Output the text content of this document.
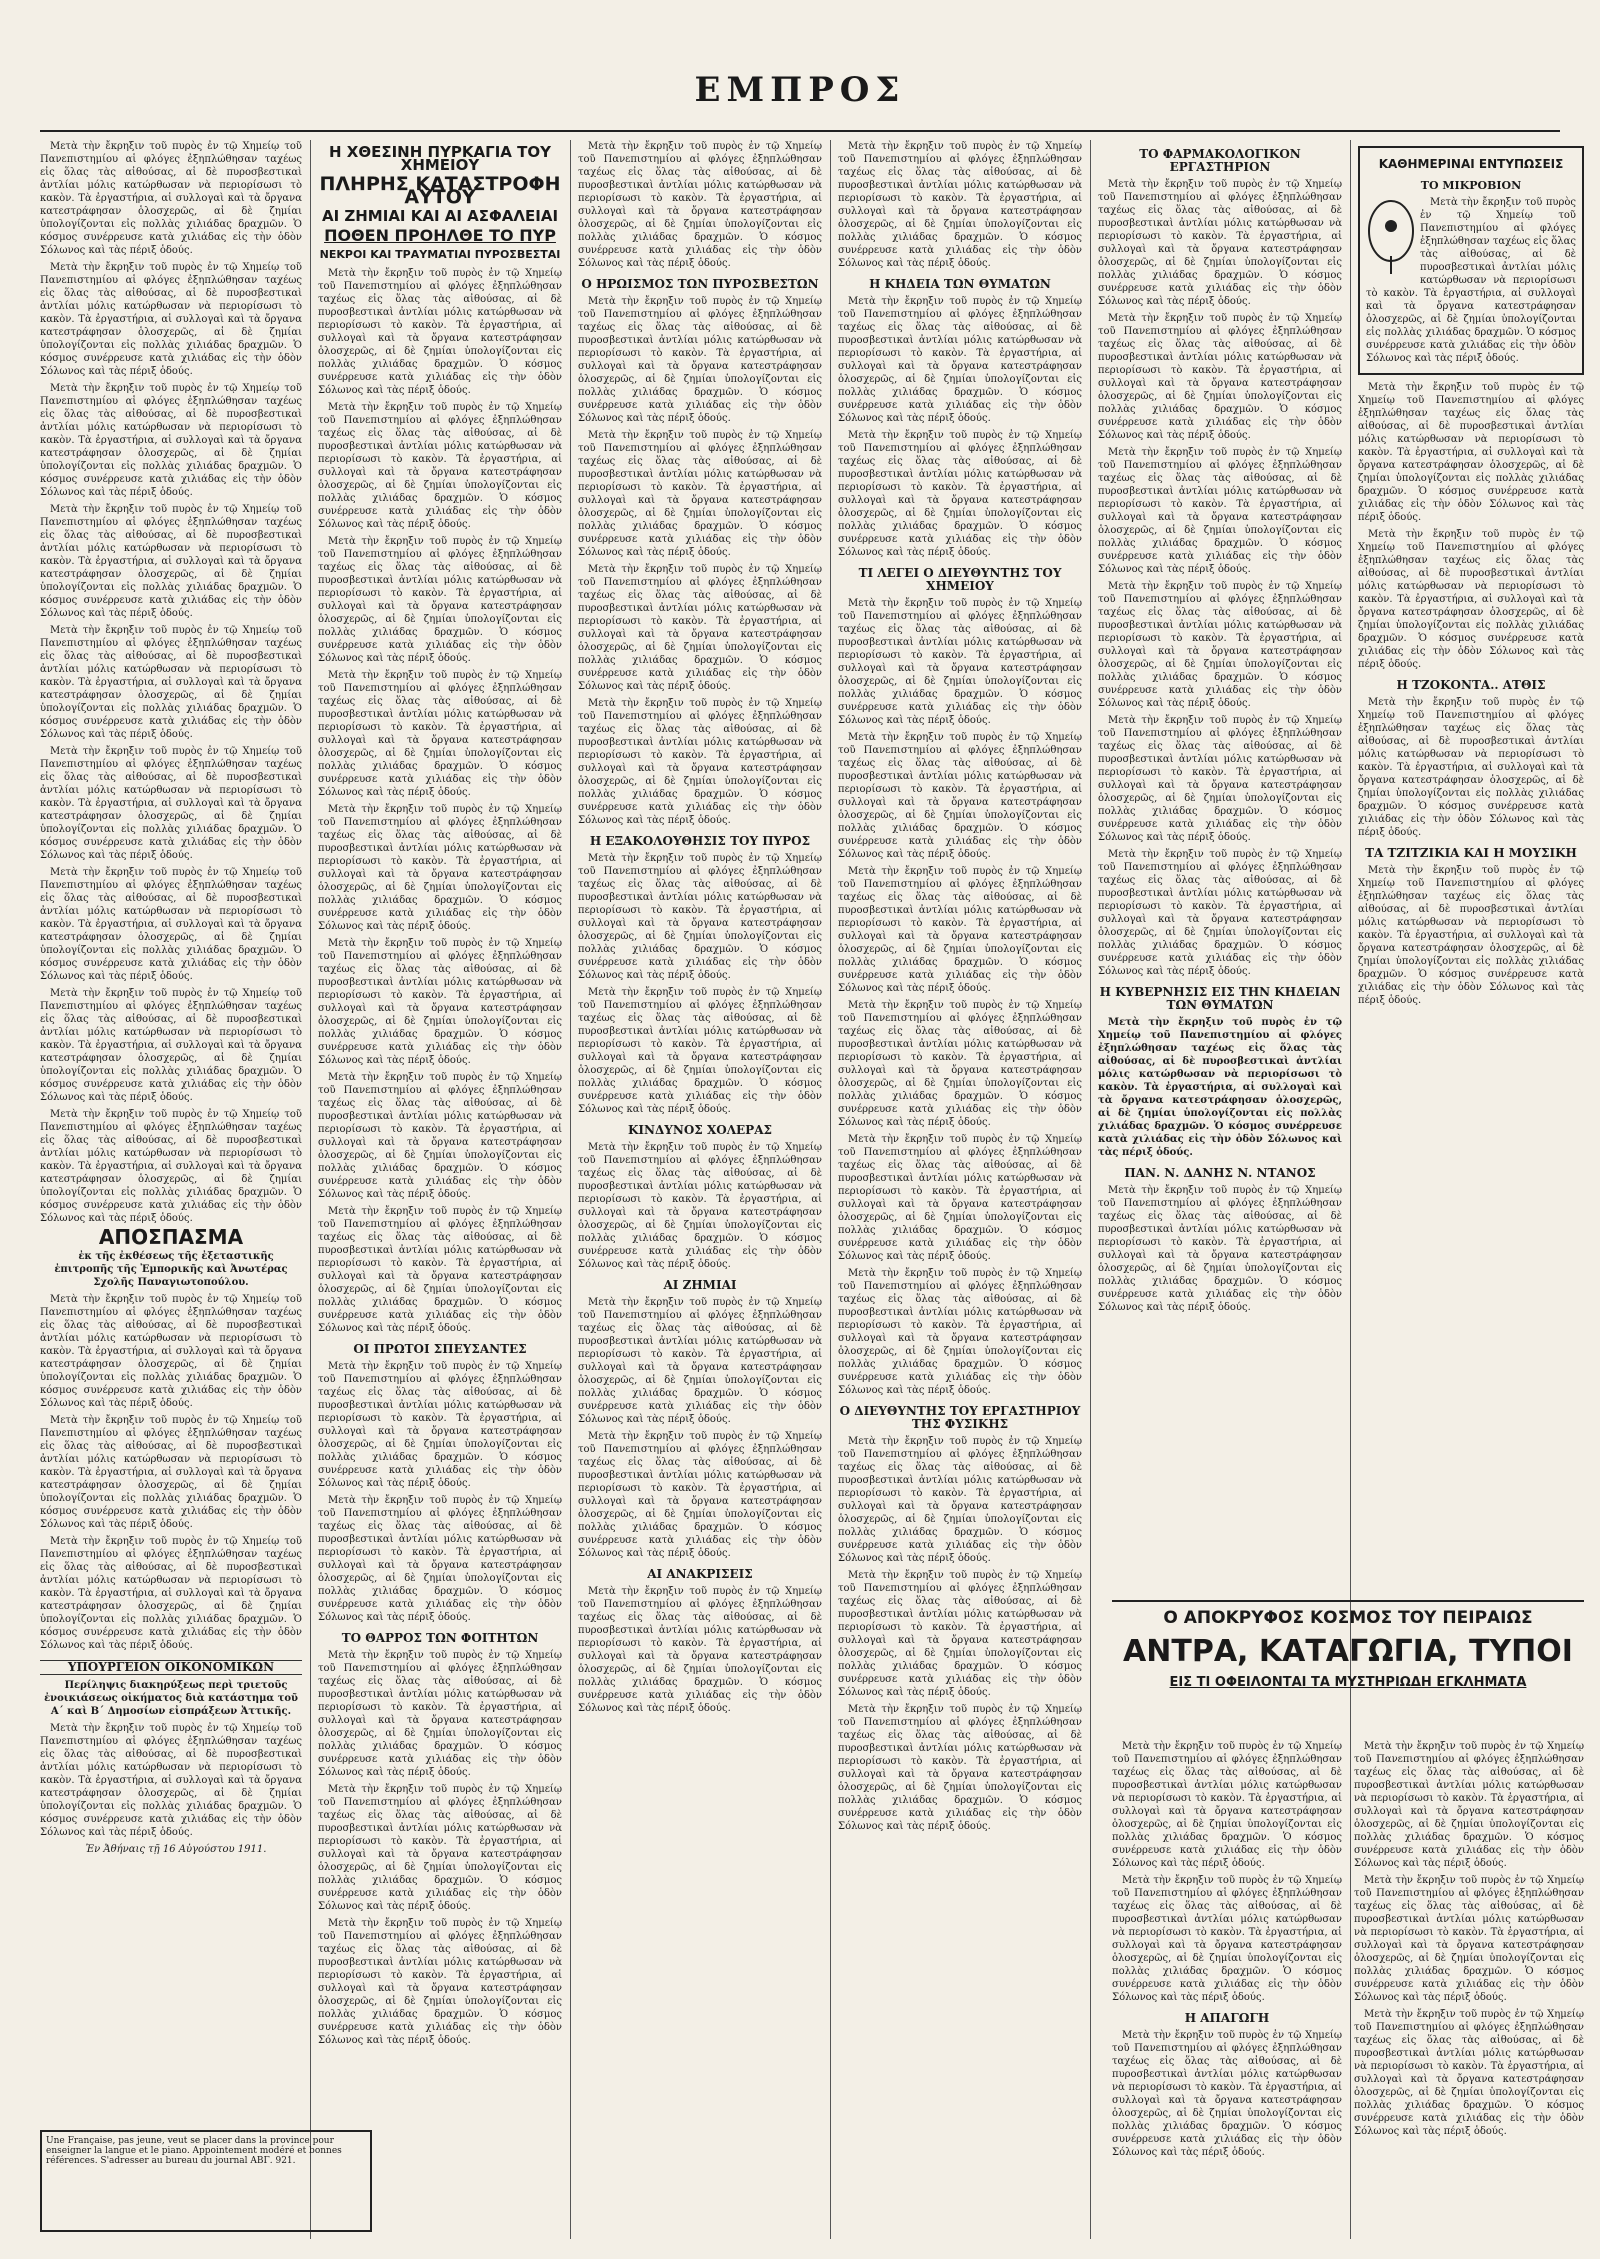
ΕΜΠΡΟΣ

Μετὰ τὴν ἔκρηξιν τοῦ πυρὸς ἐν τῷ Χημείῳ τοῦ Πανεπιστημίου αἱ φλόγες ἐξηπλώθησαν ταχέως εἰς ὅλας τὰς αἰθούσας, αἱ δὲ πυροσβεστικαὶ ἀντλίαι μόλις κατώρθωσαν νὰ περιορίσωσι τὸ κακὸν. Τὰ ἐργαστήρια, αἱ συλλογαὶ καὶ τὰ ὄργανα κατεστράφησαν ὁλοσχερῶς, αἱ δὲ ζημίαι ὑπολογίζονται εἰς πολλὰς χιλιάδας δραχμῶν. Ὁ κόσμος συνέρρευσε κατὰ χιλιάδας εἰς τὴν ὁδὸν Σόλωνος καὶ τὰς πέριξ ὁδούς.

Μετὰ τὴν ἔκρηξιν τοῦ πυρὸς ἐν τῷ Χημείῳ τοῦ Πανεπιστημίου αἱ φλόγες ἐξηπλώθησαν ταχέως εἰς ὅλας τὰς αἰθούσας, αἱ δὲ πυροσβεστικαὶ ἀντλίαι μόλις κατώρθωσαν νὰ περιορίσωσι τὸ κακὸν. Τὰ ἐργαστήρια, αἱ συλλογαὶ καὶ τὰ ὄργανα κατεστράφησαν ὁλοσχερῶς, αἱ δὲ ζημίαι ὑπολογίζονται εἰς πολλὰς χιλιάδας δραχμῶν. Ὁ κόσμος συνέρρευσε κατὰ χιλιάδας εἰς τὴν ὁδὸν Σόλωνος καὶ τὰς πέριξ ὁδούς.

Μετὰ τὴν ἔκρηξιν τοῦ πυρὸς ἐν τῷ Χημείῳ τοῦ Πανεπιστημίου αἱ φλόγες ἐξηπλώθησαν ταχέως εἰς ὅλας τὰς αἰθούσας, αἱ δὲ πυροσβεστικαὶ ἀντλίαι μόλις κατώρθωσαν νὰ περιορίσωσι τὸ κακὸν. Τὰ ἐργαστήρια, αἱ συλλογαὶ καὶ τὰ ὄργανα κατεστράφησαν ὁλοσχερῶς, αἱ δὲ ζημίαι ὑπολογίζονται εἰς πολλὰς χιλιάδας δραχμῶν. Ὁ κόσμος συνέρρευσε κατὰ χιλιάδας εἰς τὴν ὁδὸν Σόλωνος καὶ τὰς πέριξ ὁδούς.

Μετὰ τὴν ἔκρηξιν τοῦ πυρὸς ἐν τῷ Χημείῳ τοῦ Πανεπιστημίου αἱ φλόγες ἐξηπλώθησαν ταχέως εἰς ὅλας τὰς αἰθούσας, αἱ δὲ πυροσβεστικαὶ ἀντλίαι μόλις κατώρθωσαν νὰ περιορίσωσι τὸ κακὸν. Τὰ ἐργαστήρια, αἱ συλλογαὶ καὶ τὰ ὄργανα κατεστράφησαν ὁλοσχερῶς, αἱ δὲ ζημίαι ὑπολογίζονται εἰς πολλὰς χιλιάδας δραχμῶν. Ὁ κόσμος συνέρρευσε κατὰ χιλιάδας εἰς τὴν ὁδὸν Σόλωνος καὶ τὰς πέριξ ὁδούς.

Μετὰ τὴν ἔκρηξιν τοῦ πυρὸς ἐν τῷ Χημείῳ τοῦ Πανεπιστημίου αἱ φλόγες ἐξηπλώθησαν ταχέως εἰς ὅλας τὰς αἰθούσας, αἱ δὲ πυροσβεστικαὶ ἀντλίαι μόλις κατώρθωσαν νὰ περιορίσωσι τὸ κακὸν. Τὰ ἐργαστήρια, αἱ συλλογαὶ καὶ τὰ ὄργανα κατεστράφησαν ὁλοσχερῶς, αἱ δὲ ζημίαι ὑπολογίζονται εἰς πολλὰς χιλιάδας δραχμῶν. Ὁ κόσμος συνέρρευσε κατὰ χιλιάδας εἰς τὴν ὁδὸν Σόλωνος καὶ τὰς πέριξ ὁδούς.

Μετὰ τὴν ἔκρηξιν τοῦ πυρὸς ἐν τῷ Χημείῳ τοῦ Πανεπιστημίου αἱ φλόγες ἐξηπλώθησαν ταχέως εἰς ὅλας τὰς αἰθούσας, αἱ δὲ πυροσβεστικαὶ ἀντλίαι μόλις κατώρθωσαν νὰ περιορίσωσι τὸ κακὸν. Τὰ ἐργαστήρια, αἱ συλλογαὶ καὶ τὰ ὄργανα κατεστράφησαν ὁλοσχερῶς, αἱ δὲ ζημίαι ὑπολογίζονται εἰς πολλὰς χιλιάδας δραχμῶν. Ὁ κόσμος συνέρρευσε κατὰ χιλιάδας εἰς τὴν ὁδὸν Σόλωνος καὶ τὰς πέριξ ὁδούς.

Μετὰ τὴν ἔκρηξιν τοῦ πυρὸς ἐν τῷ Χημείῳ τοῦ Πανεπιστημίου αἱ φλόγες ἐξηπλώθησαν ταχέως εἰς ὅλας τὰς αἰθούσας, αἱ δὲ πυροσβεστικαὶ ἀντλίαι μόλις κατώρθωσαν νὰ περιορίσωσι τὸ κακὸν. Τὰ ἐργαστήρια, αἱ συλλογαὶ καὶ τὰ ὄργανα κατεστράφησαν ὁλοσχερῶς, αἱ δὲ ζημίαι ὑπολογίζονται εἰς πολλὰς χιλιάδας δραχμῶν. Ὁ κόσμος συνέρρευσε κατὰ χιλιάδας εἰς τὴν ὁδὸν Σόλωνος καὶ τὰς πέριξ ὁδούς.

Μετὰ τὴν ἔκρηξιν τοῦ πυρὸς ἐν τῷ Χημείῳ τοῦ Πανεπιστημίου αἱ φλόγες ἐξηπλώθησαν ταχέως εἰς ὅλας τὰς αἰθούσας, αἱ δὲ πυροσβεστικαὶ ἀντλίαι μόλις κατώρθωσαν νὰ περιορίσωσι τὸ κακὸν. Τὰ ἐργαστήρια, αἱ συλλογαὶ καὶ τὰ ὄργανα κατεστράφησαν ὁλοσχερῶς, αἱ δὲ ζημίαι ὑπολογίζονται εἰς πολλὰς χιλιάδας δραχμῶν. Ὁ κόσμος συνέρρευσε κατὰ χιλιάδας εἰς τὴν ὁδὸν Σόλωνος καὶ τὰς πέριξ ὁδούς.

Μετὰ τὴν ἔκρηξιν τοῦ πυρὸς ἐν τῷ Χημείῳ τοῦ Πανεπιστημίου αἱ φλόγες ἐξηπλώθησαν ταχέως εἰς ὅλας τὰς αἰθούσας, αἱ δὲ πυροσβεστικαὶ ἀντλίαι μόλις κατώρθωσαν νὰ περιορίσωσι τὸ κακὸν. Τὰ ἐργαστήρια, αἱ συλλογαὶ καὶ τὰ ὄργανα κατεστράφησαν ὁλοσχερῶς, αἱ δὲ ζημίαι ὑπολογίζονται εἰς πολλὰς χιλιάδας δραχμῶν. Ὁ κόσμος συνέρρευσε κατὰ χιλιάδας εἰς τὴν ὁδὸν Σόλωνος καὶ τὰς πέριξ ὁδούς.

ΑΠΟΣΠΑΣΜΑ

ἐκ τῆς ἐκθέσεως τῆς ἐξεταστικῆς ἐπιτροπῆς τῆς Ἐμπορικῆς καὶ Ἀνωτέρας Σχολῆς Παναγιωτοπούλου.

Μετὰ τὴν ἔκρηξιν τοῦ πυρὸς ἐν τῷ Χημείῳ τοῦ Πανεπιστημίου αἱ φλόγες ἐξηπλώθησαν ταχέως εἰς ὅλας τὰς αἰθούσας, αἱ δὲ πυροσβεστικαὶ ἀντλίαι μόλις κατώρθωσαν νὰ περιορίσωσι τὸ κακὸν. Τὰ ἐργαστήρια, αἱ συλλογαὶ καὶ τὰ ὄργανα κατεστράφησαν ὁλοσχερῶς, αἱ δὲ ζημίαι ὑπολογίζονται εἰς πολλὰς χιλιάδας δραχμῶν. Ὁ κόσμος συνέρρευσε κατὰ χιλιάδας εἰς τὴν ὁδὸν Σόλωνος καὶ τὰς πέριξ ὁδούς.

Μετὰ τὴν ἔκρηξιν τοῦ πυρὸς ἐν τῷ Χημείῳ τοῦ Πανεπιστημίου αἱ φλόγες ἐξηπλώθησαν ταχέως εἰς ὅλας τὰς αἰθούσας, αἱ δὲ πυροσβεστικαὶ ἀντλίαι μόλις κατώρθωσαν νὰ περιορίσωσι τὸ κακὸν. Τὰ ἐργαστήρια, αἱ συλλογαὶ καὶ τὰ ὄργανα κατεστράφησαν ὁλοσχερῶς, αἱ δὲ ζημίαι ὑπολογίζονται εἰς πολλὰς χιλιάδας δραχμῶν. Ὁ κόσμος συνέρρευσε κατὰ χιλιάδας εἰς τὴν ὁδὸν Σόλωνος καὶ τὰς πέριξ ὁδούς.

Μετὰ τὴν ἔκρηξιν τοῦ πυρὸς ἐν τῷ Χημείῳ τοῦ Πανεπιστημίου αἱ φλόγες ἐξηπλώθησαν ταχέως εἰς ὅλας τὰς αἰθούσας, αἱ δὲ πυροσβεστικαὶ ἀντλίαι μόλις κατώρθωσαν νὰ περιορίσωσι τὸ κακὸν. Τὰ ἐργαστήρια, αἱ συλλογαὶ καὶ τὰ ὄργανα κατεστράφησαν ὁλοσχερῶς, αἱ δὲ ζημίαι ὑπολογίζονται εἰς πολλὰς χιλιάδας δραχμῶν. Ὁ κόσμος συνέρρευσε κατὰ χιλιάδας εἰς τὴν ὁδὸν Σόλωνος καὶ τὰς πέριξ ὁδούς.

ΥΠΟΥΡΓΕΙΟΝ ΟΙΚΟΝΟΜΙΚΩΝ

Περίληψις διακηρύξεως περὶ τριετοῦς ἐνοικιάσεως οἰκήματος διὰ κατάστημα τοῦ Α΄ καὶ Β΄ Δημοσίων εἰσπράξεων Ἀττικῆς.

Μετὰ τὴν ἔκρηξιν τοῦ πυρὸς ἐν τῷ Χημείῳ τοῦ Πανεπιστημίου αἱ φλόγες ἐξηπλώθησαν ταχέως εἰς ὅλας τὰς αἰθούσας, αἱ δὲ πυροσβεστικαὶ ἀντλίαι μόλις κατώρθωσαν νὰ περιορίσωσι τὸ κακὸν. Τὰ ἐργαστήρια, αἱ συλλογαὶ καὶ τὰ ὄργανα κατεστράφησαν ὁλοσχερῶς, αἱ δὲ ζημίαι ὑπολογίζονται εἰς πολλὰς χιλιάδας δραχμῶν. Ὁ κόσμος συνέρρευσε κατὰ χιλιάδας εἰς τὴν ὁδὸν Σόλωνος καὶ τὰς πέριξ ὁδούς.

Ἐν Ἀθήναις τῇ 16 Αὐγούστου 1911.

Η ΧΘΕΣΙΝΗ ΠΥΡΚΑΓΙΑ ΤΟΥ ΧΗΜΕΙΟΥ
ΠΛΗΡΗΣ ΚΑΤΑΣΤΡΟΦΗ ΑΥΤΟΥ
ΑΙ ΖΗΜΙΑΙ ΚΑΙ ΑΙ ΑΣΦΑΛΕΙΑΙ
ΠΟΘΕΝ ΠΡΟΗΛΘΕ ΤΟ ΠΥΡ
ΝΕΚΡΟΙ ΚΑΙ ΤΡΑΥΜΑΤΙΑΙ ΠΥΡΟΣΒΕΣΤΑΙ

Μετὰ τὴν ἔκρηξιν τοῦ πυρὸς ἐν τῷ Χημείῳ τοῦ Πανεπιστημίου αἱ φλόγες ἐξηπλώθησαν ταχέως εἰς ὅλας τὰς αἰθούσας, αἱ δὲ πυροσβεστικαὶ ἀντλίαι μόλις κατώρθωσαν νὰ περιορίσωσι τὸ κακὸν. Τὰ ἐργαστήρια, αἱ συλλογαὶ καὶ τὰ ὄργανα κατεστράφησαν ὁλοσχερῶς, αἱ δὲ ζημίαι ὑπολογίζονται εἰς πολλὰς χιλιάδας δραχμῶν. Ὁ κόσμος συνέρρευσε κατὰ χιλιάδας εἰς τὴν ὁδὸν Σόλωνος καὶ τὰς πέριξ ὁδούς.

Μετὰ τὴν ἔκρηξιν τοῦ πυρὸς ἐν τῷ Χημείῳ τοῦ Πανεπιστημίου αἱ φλόγες ἐξηπλώθησαν ταχέως εἰς ὅλας τὰς αἰθούσας, αἱ δὲ πυροσβεστικαὶ ἀντλίαι μόλις κατώρθωσαν νὰ περιορίσωσι τὸ κακὸν. Τὰ ἐργαστήρια, αἱ συλλογαὶ καὶ τὰ ὄργανα κατεστράφησαν ὁλοσχερῶς, αἱ δὲ ζημίαι ὑπολογίζονται εἰς πολλὰς χιλιάδας δραχμῶν. Ὁ κόσμος συνέρρευσε κατὰ χιλιάδας εἰς τὴν ὁδὸν Σόλωνος καὶ τὰς πέριξ ὁδούς.

Μετὰ τὴν ἔκρηξιν τοῦ πυρὸς ἐν τῷ Χημείῳ τοῦ Πανεπιστημίου αἱ φλόγες ἐξηπλώθησαν ταχέως εἰς ὅλας τὰς αἰθούσας, αἱ δὲ πυροσβεστικαὶ ἀντλίαι μόλις κατώρθωσαν νὰ περιορίσωσι τὸ κακὸν. Τὰ ἐργαστήρια, αἱ συλλογαὶ καὶ τὰ ὄργανα κατεστράφησαν ὁλοσχερῶς, αἱ δὲ ζημίαι ὑπολογίζονται εἰς πολλὰς χιλιάδας δραχμῶν. Ὁ κόσμος συνέρρευσε κατὰ χιλιάδας εἰς τὴν ὁδὸν Σόλωνος καὶ τὰς πέριξ ὁδούς.

Μετὰ τὴν ἔκρηξιν τοῦ πυρὸς ἐν τῷ Χημείῳ τοῦ Πανεπιστημίου αἱ φλόγες ἐξηπλώθησαν ταχέως εἰς ὅλας τὰς αἰθούσας, αἱ δὲ πυροσβεστικαὶ ἀντλίαι μόλις κατώρθωσαν νὰ περιορίσωσι τὸ κακὸν. Τὰ ἐργαστήρια, αἱ συλλογαὶ καὶ τὰ ὄργανα κατεστράφησαν ὁλοσχερῶς, αἱ δὲ ζημίαι ὑπολογίζονται εἰς πολλὰς χιλιάδας δραχμῶν. Ὁ κόσμος συνέρρευσε κατὰ χιλιάδας εἰς τὴν ὁδὸν Σόλωνος καὶ τὰς πέριξ ὁδούς.

Μετὰ τὴν ἔκρηξιν τοῦ πυρὸς ἐν τῷ Χημείῳ τοῦ Πανεπιστημίου αἱ φλόγες ἐξηπλώθησαν ταχέως εἰς ὅλας τὰς αἰθούσας, αἱ δὲ πυροσβεστικαὶ ἀντλίαι μόλις κατώρθωσαν νὰ περιορίσωσι τὸ κακὸν. Τὰ ἐργαστήρια, αἱ συλλογαὶ καὶ τὰ ὄργανα κατεστράφησαν ὁλοσχερῶς, αἱ δὲ ζημίαι ὑπολογίζονται εἰς πολλὰς χιλιάδας δραχμῶν. Ὁ κόσμος συνέρρευσε κατὰ χιλιάδας εἰς τὴν ὁδὸν Σόλωνος καὶ τὰς πέριξ ὁδούς.

Μετὰ τὴν ἔκρηξιν τοῦ πυρὸς ἐν τῷ Χημείῳ τοῦ Πανεπιστημίου αἱ φλόγες ἐξηπλώθησαν ταχέως εἰς ὅλας τὰς αἰθούσας, αἱ δὲ πυροσβεστικαὶ ἀντλίαι μόλις κατώρθωσαν νὰ περιορίσωσι τὸ κακὸν. Τὰ ἐργαστήρια, αἱ συλλογαὶ καὶ τὰ ὄργανα κατεστράφησαν ὁλοσχερῶς, αἱ δὲ ζημίαι ὑπολογίζονται εἰς πολλὰς χιλιάδας δραχμῶν. Ὁ κόσμος συνέρρευσε κατὰ χιλιάδας εἰς τὴν ὁδὸν Σόλωνος καὶ τὰς πέριξ ὁδούς.

Μετὰ τὴν ἔκρηξιν τοῦ πυρὸς ἐν τῷ Χημείῳ τοῦ Πανεπιστημίου αἱ φλόγες ἐξηπλώθησαν ταχέως εἰς ὅλας τὰς αἰθούσας, αἱ δὲ πυροσβεστικαὶ ἀντλίαι μόλις κατώρθωσαν νὰ περιορίσωσι τὸ κακὸν. Τὰ ἐργαστήρια, αἱ συλλογαὶ καὶ τὰ ὄργανα κατεστράφησαν ὁλοσχερῶς, αἱ δὲ ζημίαι ὑπολογίζονται εἰς πολλὰς χιλιάδας δραχμῶν. Ὁ κόσμος συνέρρευσε κατὰ χιλιάδας εἰς τὴν ὁδὸν Σόλωνος καὶ τὰς πέριξ ὁδούς.

Μετὰ τὴν ἔκρηξιν τοῦ πυρὸς ἐν τῷ Χημείῳ τοῦ Πανεπιστημίου αἱ φλόγες ἐξηπλώθησαν ταχέως εἰς ὅλας τὰς αἰθούσας, αἱ δὲ πυροσβεστικαὶ ἀντλίαι μόλις κατώρθωσαν νὰ περιορίσωσι τὸ κακὸν. Τὰ ἐργαστήρια, αἱ συλλογαὶ καὶ τὰ ὄργανα κατεστράφησαν ὁλοσχερῶς, αἱ δὲ ζημίαι ὑπολογίζονται εἰς πολλὰς χιλιάδας δραχμῶν. Ὁ κόσμος συνέρρευσε κατὰ χιλιάδας εἰς τὴν ὁδὸν Σόλωνος καὶ τὰς πέριξ ὁδούς.

ΟΙ ΠΡΩΤΟΙ ΣΠΕΥΣΑΝΤΕΣ

Μετὰ τὴν ἔκρηξιν τοῦ πυρὸς ἐν τῷ Χημείῳ τοῦ Πανεπιστημίου αἱ φλόγες ἐξηπλώθησαν ταχέως εἰς ὅλας τὰς αἰθούσας, αἱ δὲ πυροσβεστικαὶ ἀντλίαι μόλις κατώρθωσαν νὰ περιορίσωσι τὸ κακὸν. Τὰ ἐργαστήρια, αἱ συλλογαὶ καὶ τὰ ὄργανα κατεστράφησαν ὁλοσχερῶς, αἱ δὲ ζημίαι ὑπολογίζονται εἰς πολλὰς χιλιάδας δραχμῶν. Ὁ κόσμος συνέρρευσε κατὰ χιλιάδας εἰς τὴν ὁδὸν Σόλωνος καὶ τὰς πέριξ ὁδούς.

Μετὰ τὴν ἔκρηξιν τοῦ πυρὸς ἐν τῷ Χημείῳ τοῦ Πανεπιστημίου αἱ φλόγες ἐξηπλώθησαν ταχέως εἰς ὅλας τὰς αἰθούσας, αἱ δὲ πυροσβεστικαὶ ἀντλίαι μόλις κατώρθωσαν νὰ περιορίσωσι τὸ κακὸν. Τὰ ἐργαστήρια, αἱ συλλογαὶ καὶ τὰ ὄργανα κατεστράφησαν ὁλοσχερῶς, αἱ δὲ ζημίαι ὑπολογίζονται εἰς πολλὰς χιλιάδας δραχμῶν. Ὁ κόσμος συνέρρευσε κατὰ χιλιάδας εἰς τὴν ὁδὸν Σόλωνος καὶ τὰς πέριξ ὁδούς.

ΤΟ ΘΑΡΡΟΣ ΤΩΝ ΦΟΙΤΗΤΩΝ

Μετὰ τὴν ἔκρηξιν τοῦ πυρὸς ἐν τῷ Χημείῳ τοῦ Πανεπιστημίου αἱ φλόγες ἐξηπλώθησαν ταχέως εἰς ὅλας τὰς αἰθούσας, αἱ δὲ πυροσβεστικαὶ ἀντλίαι μόλις κατώρθωσαν νὰ περιορίσωσι τὸ κακὸν. Τὰ ἐργαστήρια, αἱ συλλογαὶ καὶ τὰ ὄργανα κατεστράφησαν ὁλοσχερῶς, αἱ δὲ ζημίαι ὑπολογίζονται εἰς πολλὰς χιλιάδας δραχμῶν. Ὁ κόσμος συνέρρευσε κατὰ χιλιάδας εἰς τὴν ὁδὸν Σόλωνος καὶ τὰς πέριξ ὁδούς.

Μετὰ τὴν ἔκρηξιν τοῦ πυρὸς ἐν τῷ Χημείῳ τοῦ Πανεπιστημίου αἱ φλόγες ἐξηπλώθησαν ταχέως εἰς ὅλας τὰς αἰθούσας, αἱ δὲ πυροσβεστικαὶ ἀντλίαι μόλις κατώρθωσαν νὰ περιορίσωσι τὸ κακὸν. Τὰ ἐργαστήρια, αἱ συλλογαὶ καὶ τὰ ὄργανα κατεστράφησαν ὁλοσχερῶς, αἱ δὲ ζημίαι ὑπολογίζονται εἰς πολλὰς χιλιάδας δραχμῶν. Ὁ κόσμος συνέρρευσε κατὰ χιλιάδας εἰς τὴν ὁδὸν Σόλωνος καὶ τὰς πέριξ ὁδούς.

Μετὰ τὴν ἔκρηξιν τοῦ πυρὸς ἐν τῷ Χημείῳ τοῦ Πανεπιστημίου αἱ φλόγες ἐξηπλώθησαν ταχέως εἰς ὅλας τὰς αἰθούσας, αἱ δὲ πυροσβεστικαὶ ἀντλίαι μόλις κατώρθωσαν νὰ περιορίσωσι τὸ κακὸν. Τὰ ἐργαστήρια, αἱ συλλογαὶ καὶ τὰ ὄργανα κατεστράφησαν ὁλοσχερῶς, αἱ δὲ ζημίαι ὑπολογίζονται εἰς πολλὰς χιλιάδας δραχμῶν. Ὁ κόσμος συνέρρευσε κατὰ χιλιάδας εἰς τὴν ὁδὸν Σόλωνος καὶ τὰς πέριξ ὁδούς.

Μετὰ τὴν ἔκρηξιν τοῦ πυρὸς ἐν τῷ Χημείῳ τοῦ Πανεπιστημίου αἱ φλόγες ἐξηπλώθησαν ταχέως εἰς ὅλας τὰς αἰθούσας, αἱ δὲ πυροσβεστικαὶ ἀντλίαι μόλις κατώρθωσαν νὰ περιορίσωσι τὸ κακὸν. Τὰ ἐργαστήρια, αἱ συλλογαὶ καὶ τὰ ὄργανα κατεστράφησαν ὁλοσχερῶς, αἱ δὲ ζημίαι ὑπολογίζονται εἰς πολλὰς χιλιάδας δραχμῶν. Ὁ κόσμος συνέρρευσε κατὰ χιλιάδας εἰς τὴν ὁδὸν Σόλωνος καὶ τὰς πέριξ ὁδούς.

Ο ΗΡΩΙΣΜΟΣ ΤΩΝ ΠΥΡΟΣΒΕΣΤΩΝ

Μετὰ τὴν ἔκρηξιν τοῦ πυρὸς ἐν τῷ Χημείῳ τοῦ Πανεπιστημίου αἱ φλόγες ἐξηπλώθησαν ταχέως εἰς ὅλας τὰς αἰθούσας, αἱ δὲ πυροσβεστικαὶ ἀντλίαι μόλις κατώρθωσαν νὰ περιορίσωσι τὸ κακὸν. Τὰ ἐργαστήρια, αἱ συλλογαὶ καὶ τὰ ὄργανα κατεστράφησαν ὁλοσχερῶς, αἱ δὲ ζημίαι ὑπολογίζονται εἰς πολλὰς χιλιάδας δραχμῶν. Ὁ κόσμος συνέρρευσε κατὰ χιλιάδας εἰς τὴν ὁδὸν Σόλωνος καὶ τὰς πέριξ ὁδούς.

Μετὰ τὴν ἔκρηξιν τοῦ πυρὸς ἐν τῷ Χημείῳ τοῦ Πανεπιστημίου αἱ φλόγες ἐξηπλώθησαν ταχέως εἰς ὅλας τὰς αἰθούσας, αἱ δὲ πυροσβεστικαὶ ἀντλίαι μόλις κατώρθωσαν νὰ περιορίσωσι τὸ κακὸν. Τὰ ἐργαστήρια, αἱ συλλογαὶ καὶ τὰ ὄργανα κατεστράφησαν ὁλοσχερῶς, αἱ δὲ ζημίαι ὑπολογίζονται εἰς πολλὰς χιλιάδας δραχμῶν. Ὁ κόσμος συνέρρευσε κατὰ χιλιάδας εἰς τὴν ὁδὸν Σόλωνος καὶ τὰς πέριξ ὁδούς.

Μετὰ τὴν ἔκρηξιν τοῦ πυρὸς ἐν τῷ Χημείῳ τοῦ Πανεπιστημίου αἱ φλόγες ἐξηπλώθησαν ταχέως εἰς ὅλας τὰς αἰθούσας, αἱ δὲ πυροσβεστικαὶ ἀντλίαι μόλις κατώρθωσαν νὰ περιορίσωσι τὸ κακὸν. Τὰ ἐργαστήρια, αἱ συλλογαὶ καὶ τὰ ὄργανα κατεστράφησαν ὁλοσχερῶς, αἱ δὲ ζημίαι ὑπολογίζονται εἰς πολλὰς χιλιάδας δραχμῶν. Ὁ κόσμος συνέρρευσε κατὰ χιλιάδας εἰς τὴν ὁδὸν Σόλωνος καὶ τὰς πέριξ ὁδούς.

Μετὰ τὴν ἔκρηξιν τοῦ πυρὸς ἐν τῷ Χημείῳ τοῦ Πανεπιστημίου αἱ φλόγες ἐξηπλώθησαν ταχέως εἰς ὅλας τὰς αἰθούσας, αἱ δὲ πυροσβεστικαὶ ἀντλίαι μόλις κατώρθωσαν νὰ περιορίσωσι τὸ κακὸν. Τὰ ἐργαστήρια, αἱ συλλογαὶ καὶ τὰ ὄργανα κατεστράφησαν ὁλοσχερῶς, αἱ δὲ ζημίαι ὑπολογίζονται εἰς πολλὰς χιλιάδας δραχμῶν. Ὁ κόσμος συνέρρευσε κατὰ χιλιάδας εἰς τὴν ὁδὸν Σόλωνος καὶ τὰς πέριξ ὁδούς.

Η ΕΞΑΚΟΛΟΥΘΗΣΙΣ ΤΟΥ ΠΥΡΟΣ

Μετὰ τὴν ἔκρηξιν τοῦ πυρὸς ἐν τῷ Χημείῳ τοῦ Πανεπιστημίου αἱ φλόγες ἐξηπλώθησαν ταχέως εἰς ὅλας τὰς αἰθούσας, αἱ δὲ πυροσβεστικαὶ ἀντλίαι μόλις κατώρθωσαν νὰ περιορίσωσι τὸ κακὸν. Τὰ ἐργαστήρια, αἱ συλλογαὶ καὶ τὰ ὄργανα κατεστράφησαν ὁλοσχερῶς, αἱ δὲ ζημίαι ὑπολογίζονται εἰς πολλὰς χιλιάδας δραχμῶν. Ὁ κόσμος συνέρρευσε κατὰ χιλιάδας εἰς τὴν ὁδὸν Σόλωνος καὶ τὰς πέριξ ὁδούς.

Μετὰ τὴν ἔκρηξιν τοῦ πυρὸς ἐν τῷ Χημείῳ τοῦ Πανεπιστημίου αἱ φλόγες ἐξηπλώθησαν ταχέως εἰς ὅλας τὰς αἰθούσας, αἱ δὲ πυροσβεστικαὶ ἀντλίαι μόλις κατώρθωσαν νὰ περιορίσωσι τὸ κακὸν. Τὰ ἐργαστήρια, αἱ συλλογαὶ καὶ τὰ ὄργανα κατεστράφησαν ὁλοσχερῶς, αἱ δὲ ζημίαι ὑπολογίζονται εἰς πολλὰς χιλιάδας δραχμῶν. Ὁ κόσμος συνέρρευσε κατὰ χιλιάδας εἰς τὴν ὁδὸν Σόλωνος καὶ τὰς πέριξ ὁδούς.

ΚΙΝΔΥΝΟΣ ΧΟΛΕΡΑΣ

Μετὰ τὴν ἔκρηξιν τοῦ πυρὸς ἐν τῷ Χημείῳ τοῦ Πανεπιστημίου αἱ φλόγες ἐξηπλώθησαν ταχέως εἰς ὅλας τὰς αἰθούσας, αἱ δὲ πυροσβεστικαὶ ἀντλίαι μόλις κατώρθωσαν νὰ περιορίσωσι τὸ κακὸν. Τὰ ἐργαστήρια, αἱ συλλογαὶ καὶ τὰ ὄργανα κατεστράφησαν ὁλοσχερῶς, αἱ δὲ ζημίαι ὑπολογίζονται εἰς πολλὰς χιλιάδας δραχμῶν. Ὁ κόσμος συνέρρευσε κατὰ χιλιάδας εἰς τὴν ὁδὸν Σόλωνος καὶ τὰς πέριξ ὁδούς.

ΑΙ ΖΗΜΙΑΙ

Μετὰ τὴν ἔκρηξιν τοῦ πυρὸς ἐν τῷ Χημείῳ τοῦ Πανεπιστημίου αἱ φλόγες ἐξηπλώθησαν ταχέως εἰς ὅλας τὰς αἰθούσας, αἱ δὲ πυροσβεστικαὶ ἀντλίαι μόλις κατώρθωσαν νὰ περιορίσωσι τὸ κακὸν. Τὰ ἐργαστήρια, αἱ συλλογαὶ καὶ τὰ ὄργανα κατεστράφησαν ὁλοσχερῶς, αἱ δὲ ζημίαι ὑπολογίζονται εἰς πολλὰς χιλιάδας δραχμῶν. Ὁ κόσμος συνέρρευσε κατὰ χιλιάδας εἰς τὴν ὁδὸν Σόλωνος καὶ τὰς πέριξ ὁδούς.

Μετὰ τὴν ἔκρηξιν τοῦ πυρὸς ἐν τῷ Χημείῳ τοῦ Πανεπιστημίου αἱ φλόγες ἐξηπλώθησαν ταχέως εἰς ὅλας τὰς αἰθούσας, αἱ δὲ πυροσβεστικαὶ ἀντλίαι μόλις κατώρθωσαν νὰ περιορίσωσι τὸ κακὸν. Τὰ ἐργαστήρια, αἱ συλλογαὶ καὶ τὰ ὄργανα κατεστράφησαν ὁλοσχερῶς, αἱ δὲ ζημίαι ὑπολογίζονται εἰς πολλὰς χιλιάδας δραχμῶν. Ὁ κόσμος συνέρρευσε κατὰ χιλιάδας εἰς τὴν ὁδὸν Σόλωνος καὶ τὰς πέριξ ὁδούς.

ΑΙ ΑΝΑΚΡΙΣΕΙΣ

Μετὰ τὴν ἔκρηξιν τοῦ πυρὸς ἐν τῷ Χημείῳ τοῦ Πανεπιστημίου αἱ φλόγες ἐξηπλώθησαν ταχέως εἰς ὅλας τὰς αἰθούσας, αἱ δὲ πυροσβεστικαὶ ἀντλίαι μόλις κατώρθωσαν νὰ περιορίσωσι τὸ κακὸν. Τὰ ἐργαστήρια, αἱ συλλογαὶ καὶ τὰ ὄργανα κατεστράφησαν ὁλοσχερῶς, αἱ δὲ ζημίαι ὑπολογίζονται εἰς πολλὰς χιλιάδας δραχμῶν. Ὁ κόσμος συνέρρευσε κατὰ χιλιάδας εἰς τὴν ὁδὸν Σόλωνος καὶ τὰς πέριξ ὁδούς.

Μετὰ τὴν ἔκρηξιν τοῦ πυρὸς ἐν τῷ Χημείῳ τοῦ Πανεπιστημίου αἱ φλόγες ἐξηπλώθησαν ταχέως εἰς ὅλας τὰς αἰθούσας, αἱ δὲ πυροσβεστικαὶ ἀντλίαι μόλις κατώρθωσαν νὰ περιορίσωσι τὸ κακὸν. Τὰ ἐργαστήρια, αἱ συλλογαὶ καὶ τὰ ὄργανα κατεστράφησαν ὁλοσχερῶς, αἱ δὲ ζημίαι ὑπολογίζονται εἰς πολλὰς χιλιάδας δραχμῶν. Ὁ κόσμος συνέρρευσε κατὰ χιλιάδας εἰς τὴν ὁδὸν Σόλωνος καὶ τὰς πέριξ ὁδούς.

Η ΚΗΔΕΙΑ ΤΩΝ ΘΥΜΑΤΩΝ

Μετὰ τὴν ἔκρηξιν τοῦ πυρὸς ἐν τῷ Χημείῳ τοῦ Πανεπιστημίου αἱ φλόγες ἐξηπλώθησαν ταχέως εἰς ὅλας τὰς αἰθούσας, αἱ δὲ πυροσβεστικαὶ ἀντλίαι μόλις κατώρθωσαν νὰ περιορίσωσι τὸ κακὸν. Τὰ ἐργαστήρια, αἱ συλλογαὶ καὶ τὰ ὄργανα κατεστράφησαν ὁλοσχερῶς, αἱ δὲ ζημίαι ὑπολογίζονται εἰς πολλὰς χιλιάδας δραχμῶν. Ὁ κόσμος συνέρρευσε κατὰ χιλιάδας εἰς τὴν ὁδὸν Σόλωνος καὶ τὰς πέριξ ὁδούς.

Μετὰ τὴν ἔκρηξιν τοῦ πυρὸς ἐν τῷ Χημείῳ τοῦ Πανεπιστημίου αἱ φλόγες ἐξηπλώθησαν ταχέως εἰς ὅλας τὰς αἰθούσας, αἱ δὲ πυροσβεστικαὶ ἀντλίαι μόλις κατώρθωσαν νὰ περιορίσωσι τὸ κακὸν. Τὰ ἐργαστήρια, αἱ συλλογαὶ καὶ τὰ ὄργανα κατεστράφησαν ὁλοσχερῶς, αἱ δὲ ζημίαι ὑπολογίζονται εἰς πολλὰς χιλιάδας δραχμῶν. Ὁ κόσμος συνέρρευσε κατὰ χιλιάδας εἰς τὴν ὁδὸν Σόλωνος καὶ τὰς πέριξ ὁδούς.

ΤΙ ΛΕΓΕΙ Ο ΔΙΕΥΘΥΝΤΗΣ ΤΟΥ ΧΗΜΕΙΟΥ

Μετὰ τὴν ἔκρηξιν τοῦ πυρὸς ἐν τῷ Χημείῳ τοῦ Πανεπιστημίου αἱ φλόγες ἐξηπλώθησαν ταχέως εἰς ὅλας τὰς αἰθούσας, αἱ δὲ πυροσβεστικαὶ ἀντλίαι μόλις κατώρθωσαν νὰ περιορίσωσι τὸ κακὸν. Τὰ ἐργαστήρια, αἱ συλλογαὶ καὶ τὰ ὄργανα κατεστράφησαν ὁλοσχερῶς, αἱ δὲ ζημίαι ὑπολογίζονται εἰς πολλὰς χιλιάδας δραχμῶν. Ὁ κόσμος συνέρρευσε κατὰ χιλιάδας εἰς τὴν ὁδὸν Σόλωνος καὶ τὰς πέριξ ὁδούς.

Μετὰ τὴν ἔκρηξιν τοῦ πυρὸς ἐν τῷ Χημείῳ τοῦ Πανεπιστημίου αἱ φλόγες ἐξηπλώθησαν ταχέως εἰς ὅλας τὰς αἰθούσας, αἱ δὲ πυροσβεστικαὶ ἀντλίαι μόλις κατώρθωσαν νὰ περιορίσωσι τὸ κακὸν. Τὰ ἐργαστήρια, αἱ συλλογαὶ καὶ τὰ ὄργανα κατεστράφησαν ὁλοσχερῶς, αἱ δὲ ζημίαι ὑπολογίζονται εἰς πολλὰς χιλιάδας δραχμῶν. Ὁ κόσμος συνέρρευσε κατὰ χιλιάδας εἰς τὴν ὁδὸν Σόλωνος καὶ τὰς πέριξ ὁδούς.

Μετὰ τὴν ἔκρηξιν τοῦ πυρὸς ἐν τῷ Χημείῳ τοῦ Πανεπιστημίου αἱ φλόγες ἐξηπλώθησαν ταχέως εἰς ὅλας τὰς αἰθούσας, αἱ δὲ πυροσβεστικαὶ ἀντλίαι μόλις κατώρθωσαν νὰ περιορίσωσι τὸ κακὸν. Τὰ ἐργαστήρια, αἱ συλλογαὶ καὶ τὰ ὄργανα κατεστράφησαν ὁλοσχερῶς, αἱ δὲ ζημίαι ὑπολογίζονται εἰς πολλὰς χιλιάδας δραχμῶν. Ὁ κόσμος συνέρρευσε κατὰ χιλιάδας εἰς τὴν ὁδὸν Σόλωνος καὶ τὰς πέριξ ὁδούς.

Μετὰ τὴν ἔκρηξιν τοῦ πυρὸς ἐν τῷ Χημείῳ τοῦ Πανεπιστημίου αἱ φλόγες ἐξηπλώθησαν ταχέως εἰς ὅλας τὰς αἰθούσας, αἱ δὲ πυροσβεστικαὶ ἀντλίαι μόλις κατώρθωσαν νὰ περιορίσωσι τὸ κακὸν. Τὰ ἐργαστήρια, αἱ συλλογαὶ καὶ τὰ ὄργανα κατεστράφησαν ὁλοσχερῶς, αἱ δὲ ζημίαι ὑπολογίζονται εἰς πολλὰς χιλιάδας δραχμῶν. Ὁ κόσμος συνέρρευσε κατὰ χιλιάδας εἰς τὴν ὁδὸν Σόλωνος καὶ τὰς πέριξ ὁδούς.

Μετὰ τὴν ἔκρηξιν τοῦ πυρὸς ἐν τῷ Χημείῳ τοῦ Πανεπιστημίου αἱ φλόγες ἐξηπλώθησαν ταχέως εἰς ὅλας τὰς αἰθούσας, αἱ δὲ πυροσβεστικαὶ ἀντλίαι μόλις κατώρθωσαν νὰ περιορίσωσι τὸ κακὸν. Τὰ ἐργαστήρια, αἱ συλλογαὶ καὶ τὰ ὄργανα κατεστράφησαν ὁλοσχερῶς, αἱ δὲ ζημίαι ὑπολογίζονται εἰς πολλὰς χιλιάδας δραχμῶν. Ὁ κόσμος συνέρρευσε κατὰ χιλιάδας εἰς τὴν ὁδὸν Σόλωνος καὶ τὰς πέριξ ὁδούς.

Μετὰ τὴν ἔκρηξιν τοῦ πυρὸς ἐν τῷ Χημείῳ τοῦ Πανεπιστημίου αἱ φλόγες ἐξηπλώθησαν ταχέως εἰς ὅλας τὰς αἰθούσας, αἱ δὲ πυροσβεστικαὶ ἀντλίαι μόλις κατώρθωσαν νὰ περιορίσωσι τὸ κακὸν. Τὰ ἐργαστήρια, αἱ συλλογαὶ καὶ τὰ ὄργανα κατεστράφησαν ὁλοσχερῶς, αἱ δὲ ζημίαι ὑπολογίζονται εἰς πολλὰς χιλιάδας δραχμῶν. Ὁ κόσμος συνέρρευσε κατὰ χιλιάδας εἰς τὴν ὁδὸν Σόλωνος καὶ τὰς πέριξ ὁδούς.

Ο ΔΙΕΥΘΥΝΤΗΣ ΤΟΥ ΕΡΓΑΣΤΗΡΙΟΥ ΤΗΣ ΦΥΣΙΚΗΣ

Μετὰ τὴν ἔκρηξιν τοῦ πυρὸς ἐν τῷ Χημείῳ τοῦ Πανεπιστημίου αἱ φλόγες ἐξηπλώθησαν ταχέως εἰς ὅλας τὰς αἰθούσας, αἱ δὲ πυροσβεστικαὶ ἀντλίαι μόλις κατώρθωσαν νὰ περιορίσωσι τὸ κακὸν. Τὰ ἐργαστήρια, αἱ συλλογαὶ καὶ τὰ ὄργανα κατεστράφησαν ὁλοσχερῶς, αἱ δὲ ζημίαι ὑπολογίζονται εἰς πολλὰς χιλιάδας δραχμῶν. Ὁ κόσμος συνέρρευσε κατὰ χιλιάδας εἰς τὴν ὁδὸν Σόλωνος καὶ τὰς πέριξ ὁδούς.

Μετὰ τὴν ἔκρηξιν τοῦ πυρὸς ἐν τῷ Χημείῳ τοῦ Πανεπιστημίου αἱ φλόγες ἐξηπλώθησαν ταχέως εἰς ὅλας τὰς αἰθούσας, αἱ δὲ πυροσβεστικαὶ ἀντλίαι μόλις κατώρθωσαν νὰ περιορίσωσι τὸ κακὸν. Τὰ ἐργαστήρια, αἱ συλλογαὶ καὶ τὰ ὄργανα κατεστράφησαν ὁλοσχερῶς, αἱ δὲ ζημίαι ὑπολογίζονται εἰς πολλὰς χιλιάδας δραχμῶν. Ὁ κόσμος συνέρρευσε κατὰ χιλιάδας εἰς τὴν ὁδὸν Σόλωνος καὶ τὰς πέριξ ὁδούς.

Μετὰ τὴν ἔκρηξιν τοῦ πυρὸς ἐν τῷ Χημείῳ τοῦ Πανεπιστημίου αἱ φλόγες ἐξηπλώθησαν ταχέως εἰς ὅλας τὰς αἰθούσας, αἱ δὲ πυροσβεστικαὶ ἀντλίαι μόλις κατώρθωσαν νὰ περιορίσωσι τὸ κακὸν. Τὰ ἐργαστήρια, αἱ συλλογαὶ καὶ τὰ ὄργανα κατεστράφησαν ὁλοσχερῶς, αἱ δὲ ζημίαι ὑπολογίζονται εἰς πολλὰς χιλιάδας δραχμῶν. Ὁ κόσμος συνέρρευσε κατὰ χιλιάδας εἰς τὴν ὁδὸν Σόλωνος καὶ τὰς πέριξ ὁδούς.

ΤΟ ΦΑΡΜΑΚΟΛΟΓΙΚΟΝ ΕΡΓΑΣΤΗΡΙΟΝ

Μετὰ τὴν ἔκρηξιν τοῦ πυρὸς ἐν τῷ Χημείῳ τοῦ Πανεπιστημίου αἱ φλόγες ἐξηπλώθησαν ταχέως εἰς ὅλας τὰς αἰθούσας, αἱ δὲ πυροσβεστικαὶ ἀντλίαι μόλις κατώρθωσαν νὰ περιορίσωσι τὸ κακὸν. Τὰ ἐργαστήρια, αἱ συλλογαὶ καὶ τὰ ὄργανα κατεστράφησαν ὁλοσχερῶς, αἱ δὲ ζημίαι ὑπολογίζονται εἰς πολλὰς χιλιάδας δραχμῶν. Ὁ κόσμος συνέρρευσε κατὰ χιλιάδας εἰς τὴν ὁδὸν Σόλωνος καὶ τὰς πέριξ ὁδούς.

Μετὰ τὴν ἔκρηξιν τοῦ πυρὸς ἐν τῷ Χημείῳ τοῦ Πανεπιστημίου αἱ φλόγες ἐξηπλώθησαν ταχέως εἰς ὅλας τὰς αἰθούσας, αἱ δὲ πυροσβεστικαὶ ἀντλίαι μόλις κατώρθωσαν νὰ περιορίσωσι τὸ κακὸν. Τὰ ἐργαστήρια, αἱ συλλογαὶ καὶ τὰ ὄργανα κατεστράφησαν ὁλοσχερῶς, αἱ δὲ ζημίαι ὑπολογίζονται εἰς πολλὰς χιλιάδας δραχμῶν. Ὁ κόσμος συνέρρευσε κατὰ χιλιάδας εἰς τὴν ὁδὸν Σόλωνος καὶ τὰς πέριξ ὁδούς.

Μετὰ τὴν ἔκρηξιν τοῦ πυρὸς ἐν τῷ Χημείῳ τοῦ Πανεπιστημίου αἱ φλόγες ἐξηπλώθησαν ταχέως εἰς ὅλας τὰς αἰθούσας, αἱ δὲ πυροσβεστικαὶ ἀντλίαι μόλις κατώρθωσαν νὰ περιορίσωσι τὸ κακὸν. Τὰ ἐργαστήρια, αἱ συλλογαὶ καὶ τὰ ὄργανα κατεστράφησαν ὁλοσχερῶς, αἱ δὲ ζημίαι ὑπολογίζονται εἰς πολλὰς χιλιάδας δραχμῶν. Ὁ κόσμος συνέρρευσε κατὰ χιλιάδας εἰς τὴν ὁδὸν Σόλωνος καὶ τὰς πέριξ ὁδούς.

Μετὰ τὴν ἔκρηξιν τοῦ πυρὸς ἐν τῷ Χημείῳ τοῦ Πανεπιστημίου αἱ φλόγες ἐξηπλώθησαν ταχέως εἰς ὅλας τὰς αἰθούσας, αἱ δὲ πυροσβεστικαὶ ἀντλίαι μόλις κατώρθωσαν νὰ περιορίσωσι τὸ κακὸν. Τὰ ἐργαστήρια, αἱ συλλογαὶ καὶ τὰ ὄργανα κατεστράφησαν ὁλοσχερῶς, αἱ δὲ ζημίαι ὑπολογίζονται εἰς πολλὰς χιλιάδας δραχμῶν. Ὁ κόσμος συνέρρευσε κατὰ χιλιάδας εἰς τὴν ὁδὸν Σόλωνος καὶ τὰς πέριξ ὁδούς.

Μετὰ τὴν ἔκρηξιν τοῦ πυρὸς ἐν τῷ Χημείῳ τοῦ Πανεπιστημίου αἱ φλόγες ἐξηπλώθησαν ταχέως εἰς ὅλας τὰς αἰθούσας, αἱ δὲ πυροσβεστικαὶ ἀντλίαι μόλις κατώρθωσαν νὰ περιορίσωσι τὸ κακὸν. Τὰ ἐργαστήρια, αἱ συλλογαὶ καὶ τὰ ὄργανα κατεστράφησαν ὁλοσχερῶς, αἱ δὲ ζημίαι ὑπολογίζονται εἰς πολλὰς χιλιάδας δραχμῶν. Ὁ κόσμος συνέρρευσε κατὰ χιλιάδας εἰς τὴν ὁδὸν Σόλωνος καὶ τὰς πέριξ ὁδούς.

Μετὰ τὴν ἔκρηξιν τοῦ πυρὸς ἐν τῷ Χημείῳ τοῦ Πανεπιστημίου αἱ φλόγες ἐξηπλώθησαν ταχέως εἰς ὅλας τὰς αἰθούσας, αἱ δὲ πυροσβεστικαὶ ἀντλίαι μόλις κατώρθωσαν νὰ περιορίσωσι τὸ κακὸν. Τὰ ἐργαστήρια, αἱ συλλογαὶ καὶ τὰ ὄργανα κατεστράφησαν ὁλοσχερῶς, αἱ δὲ ζημίαι ὑπολογίζονται εἰς πολλὰς χιλιάδας δραχμῶν. Ὁ κόσμος συνέρρευσε κατὰ χιλιάδας εἰς τὴν ὁδὸν Σόλωνος καὶ τὰς πέριξ ὁδούς.

Η ΚΥΒΕΡΝΗΣΙΣ ΕΙΣ ΤΗΝ ΚΗΔΕΙΑΝ ΤΩΝ ΘΥΜΑΤΩΝ

Μετὰ τὴν ἔκρηξιν τοῦ πυρὸς ἐν τῷ Χημείῳ τοῦ Πανεπιστημίου αἱ φλόγες ἐξηπλώθησαν ταχέως εἰς ὅλας τὰς αἰθούσας, αἱ δὲ πυροσβεστικαὶ ἀντλίαι μόλις κατώρθωσαν νὰ περιορίσωσι τὸ κακὸν. Τὰ ἐργαστήρια, αἱ συλλογαὶ καὶ τὰ ὄργανα κατεστράφησαν ὁλοσχερῶς, αἱ δὲ ζημίαι ὑπολογίζονται εἰς πολλὰς χιλιάδας δραχμῶν. Ὁ κόσμος συνέρρευσε κατὰ χιλιάδας εἰς τὴν ὁδὸν Σόλωνος καὶ τὰς πέριξ ὁδούς.

ΠΑΝ. Ν. ΔΑΝΗΣ Ν. ΝΤΑΝΟΣ

Μετὰ τὴν ἔκρηξιν τοῦ πυρὸς ἐν τῷ Χημείῳ τοῦ Πανεπιστημίου αἱ φλόγες ἐξηπλώθησαν ταχέως εἰς ὅλας τὰς αἰθούσας, αἱ δὲ πυροσβεστικαὶ ἀντλίαι μόλις κατώρθωσαν νὰ περιορίσωσι τὸ κακὸν. Τὰ ἐργαστήρια, αἱ συλλογαὶ καὶ τὰ ὄργανα κατεστράφησαν ὁλοσχερῶς, αἱ δὲ ζημίαι ὑπολογίζονται εἰς πολλὰς χιλιάδας δραχμῶν. Ὁ κόσμος συνέρρευσε κατὰ χιλιάδας εἰς τὴν ὁδὸν Σόλωνος καὶ τὰς πέριξ ὁδούς.

ΚΑΘΗΜΕΡΙΝΑΙ ΕΝΤΥΠΩΣΕΙΣ
ΤΟ ΜΙΚΡΟΒΙΟΝ

Μετὰ τὴν ἔκρηξιν τοῦ πυρὸς ἐν τῷ Χημείῳ τοῦ Πανεπιστημίου αἱ φλόγες ἐξηπλώθησαν ταχέως εἰς ὅλας τὰς αἰθούσας, αἱ δὲ πυροσβεστικαὶ ἀντλίαι μόλις κατώρθωσαν νὰ περιορίσωσι τὸ κακὸν. Τὰ ἐργαστήρια, αἱ συλλογαὶ καὶ τὰ ὄργανα κατεστράφησαν ὁλοσχερῶς, αἱ δὲ ζημίαι ὑπολογίζονται εἰς πολλὰς χιλιάδας δραχμῶν. Ὁ κόσμος συνέρρευσε κατὰ χιλιάδας εἰς τὴν ὁδὸν Σόλωνος καὶ τὰς πέριξ ὁδούς.

Μετὰ τὴν ἔκρηξιν τοῦ πυρὸς ἐν τῷ Χημείῳ τοῦ Πανεπιστημίου αἱ φλόγες ἐξηπλώθησαν ταχέως εἰς ὅλας τὰς αἰθούσας, αἱ δὲ πυροσβεστικαὶ ἀντλίαι μόλις κατώρθωσαν νὰ περιορίσωσι τὸ κακὸν. Τὰ ἐργαστήρια, αἱ συλλογαὶ καὶ τὰ ὄργανα κατεστράφησαν ὁλοσχερῶς, αἱ δὲ ζημίαι ὑπολογίζονται εἰς πολλὰς χιλιάδας δραχμῶν. Ὁ κόσμος συνέρρευσε κατὰ χιλιάδας εἰς τὴν ὁδὸν Σόλωνος καὶ τὰς πέριξ ὁδούς.

Μετὰ τὴν ἔκρηξιν τοῦ πυρὸς ἐν τῷ Χημείῳ τοῦ Πανεπιστημίου αἱ φλόγες ἐξηπλώθησαν ταχέως εἰς ὅλας τὰς αἰθούσας, αἱ δὲ πυροσβεστικαὶ ἀντλίαι μόλις κατώρθωσαν νὰ περιορίσωσι τὸ κακὸν. Τὰ ἐργαστήρια, αἱ συλλογαὶ καὶ τὰ ὄργανα κατεστράφησαν ὁλοσχερῶς, αἱ δὲ ζημίαι ὑπολογίζονται εἰς πολλὰς χιλιάδας δραχμῶν. Ὁ κόσμος συνέρρευσε κατὰ χιλιάδας εἰς τὴν ὁδὸν Σόλωνος καὶ τὰς πέριξ ὁδούς.

Η ΤΖΟΚΟΝΤΑ.. ΑΤΘΙΣ

Μετὰ τὴν ἔκρηξιν τοῦ πυρὸς ἐν τῷ Χημείῳ τοῦ Πανεπιστημίου αἱ φλόγες ἐξηπλώθησαν ταχέως εἰς ὅλας τὰς αἰθούσας, αἱ δὲ πυροσβεστικαὶ ἀντλίαι μόλις κατώρθωσαν νὰ περιορίσωσι τὸ κακὸν. Τὰ ἐργαστήρια, αἱ συλλογαὶ καὶ τὰ ὄργανα κατεστράφησαν ὁλοσχερῶς, αἱ δὲ ζημίαι ὑπολογίζονται εἰς πολλὰς χιλιάδας δραχμῶν. Ὁ κόσμος συνέρρευσε κατὰ χιλιάδας εἰς τὴν ὁδὸν Σόλωνος καὶ τὰς πέριξ ὁδούς.

ΤΑ ΤΖΙΤΖΙΚΙΑ ΚΑΙ Η ΜΟΥΣΙΚΗ

Μετὰ τὴν ἔκρηξιν τοῦ πυρὸς ἐν τῷ Χημείῳ τοῦ Πανεπιστημίου αἱ φλόγες ἐξηπλώθησαν ταχέως εἰς ὅλας τὰς αἰθούσας, αἱ δὲ πυροσβεστικαὶ ἀντλίαι μόλις κατώρθωσαν νὰ περιορίσωσι τὸ κακὸν. Τὰ ἐργαστήρια, αἱ συλλογαὶ καὶ τὰ ὄργανα κατεστράφησαν ὁλοσχερῶς, αἱ δὲ ζημίαι ὑπολογίζονται εἰς πολλὰς χιλιάδας δραχμῶν. Ὁ κόσμος συνέρρευσε κατὰ χιλιάδας εἰς τὴν ὁδὸν Σόλωνος καὶ τὰς πέριξ ὁδούς.

Ο ΑΠΟΚΡΥΦΟΣ ΚΟΣΜΟΣ ΤΟΥ ΠΕΙΡΑΙΩΣ
ΑΝΤΡΑ, ΚΑΤΑΓΩΓΙΑ, ΤΥΠΟΙ
ΕΙΣ ΤΙ ΟΦΕΙΛΟΝΤΑΙ ΤΑ ΜΥΣΤΗΡΙΩΔΗ ΕΓΚΛΗΜΑΤΑ

Μετὰ τὴν ἔκρηξιν τοῦ πυρὸς ἐν τῷ Χημείῳ τοῦ Πανεπιστημίου αἱ φλόγες ἐξηπλώθησαν ταχέως εἰς ὅλας τὰς αἰθούσας, αἱ δὲ πυροσβεστικαὶ ἀντλίαι μόλις κατώρθωσαν νὰ περιορίσωσι τὸ κακὸν. Τὰ ἐργαστήρια, αἱ συλλογαὶ καὶ τὰ ὄργανα κατεστράφησαν ὁλοσχερῶς, αἱ δὲ ζημίαι ὑπολογίζονται εἰς πολλὰς χιλιάδας δραχμῶν. Ὁ κόσμος συνέρρευσε κατὰ χιλιάδας εἰς τὴν ὁδὸν Σόλωνος καὶ τὰς πέριξ ὁδούς.

Μετὰ τὴν ἔκρηξιν τοῦ πυρὸς ἐν τῷ Χημείῳ τοῦ Πανεπιστημίου αἱ φλόγες ἐξηπλώθησαν ταχέως εἰς ὅλας τὰς αἰθούσας, αἱ δὲ πυροσβεστικαὶ ἀντλίαι μόλις κατώρθωσαν νὰ περιορίσωσι τὸ κακὸν. Τὰ ἐργαστήρια, αἱ συλλογαὶ καὶ τὰ ὄργανα κατεστράφησαν ὁλοσχερῶς, αἱ δὲ ζημίαι ὑπολογίζονται εἰς πολλὰς χιλιάδας δραχμῶν. Ὁ κόσμος συνέρρευσε κατὰ χιλιάδας εἰς τὴν ὁδὸν Σόλωνος καὶ τὰς πέριξ ὁδούς.

Η ΑΠΑΓΩΓΗ

Μετὰ τὴν ἔκρηξιν τοῦ πυρὸς ἐν τῷ Χημείῳ τοῦ Πανεπιστημίου αἱ φλόγες ἐξηπλώθησαν ταχέως εἰς ὅλας τὰς αἰθούσας, αἱ δὲ πυροσβεστικαὶ ἀντλίαι μόλις κατώρθωσαν νὰ περιορίσωσι τὸ κακὸν. Τὰ ἐργαστήρια, αἱ συλλογαὶ καὶ τὰ ὄργανα κατεστράφησαν ὁλοσχερῶς, αἱ δὲ ζημίαι ὑπολογίζονται εἰς πολλὰς χιλιάδας δραχμῶν. Ὁ κόσμος συνέρρευσε κατὰ χιλιάδας εἰς τὴν ὁδὸν Σόλωνος καὶ τὰς πέριξ ὁδούς.

Μετὰ τὴν ἔκρηξιν τοῦ πυρὸς ἐν τῷ Χημείῳ τοῦ Πανεπιστημίου αἱ φλόγες ἐξηπλώθησαν ταχέως εἰς ὅλας τὰς αἰθούσας, αἱ δὲ πυροσβεστικαὶ ἀντλίαι μόλις κατώρθωσαν νὰ περιορίσωσι τὸ κακὸν. Τὰ ἐργαστήρια, αἱ συλλογαὶ καὶ τὰ ὄργανα κατεστράφησαν ὁλοσχερῶς, αἱ δὲ ζημίαι ὑπολογίζονται εἰς πολλὰς χιλιάδας δραχμῶν. Ὁ κόσμος συνέρρευσε κατὰ χιλιάδας εἰς τὴν ὁδὸν Σόλωνος καὶ τὰς πέριξ ὁδούς.

Μετὰ τὴν ἔκρηξιν τοῦ πυρὸς ἐν τῷ Χημείῳ τοῦ Πανεπιστημίου αἱ φλόγες ἐξηπλώθησαν ταχέως εἰς ὅλας τὰς αἰθούσας, αἱ δὲ πυροσβεστικαὶ ἀντλίαι μόλις κατώρθωσαν νὰ περιορίσωσι τὸ κακὸν. Τὰ ἐργαστήρια, αἱ συλλογαὶ καὶ τὰ ὄργανα κατεστράφησαν ὁλοσχερῶς, αἱ δὲ ζημίαι ὑπολογίζονται εἰς πολλὰς χιλιάδας δραχμῶν. Ὁ κόσμος συνέρρευσε κατὰ χιλιάδας εἰς τὴν ὁδὸν Σόλωνος καὶ τὰς πέριξ ὁδούς.

Μετὰ τὴν ἔκρηξιν τοῦ πυρὸς ἐν τῷ Χημείῳ τοῦ Πανεπιστημίου αἱ φλόγες ἐξηπλώθησαν ταχέως εἰς ὅλας τὰς αἰθούσας, αἱ δὲ πυροσβεστικαὶ ἀντλίαι μόλις κατώρθωσαν νὰ περιορίσωσι τὸ κακὸν. Τὰ ἐργαστήρια, αἱ συλλογαὶ καὶ τὰ ὄργανα κατεστράφησαν ὁλοσχερῶς, αἱ δὲ ζημίαι ὑπολογίζονται εἰς πολλὰς χιλιάδας δραχμῶν. Ὁ κόσμος συνέρρευσε κατὰ χιλιάδας εἰς τὴν ὁδὸν Σόλωνος καὶ τὰς πέριξ ὁδούς.

Une Française, pas jeune, veut se placer dans la province pour enseigner la langue et le piano. Appointement modéré et bonnes références. S'adresser au bureau du journal ΑΒΓ. 921.
